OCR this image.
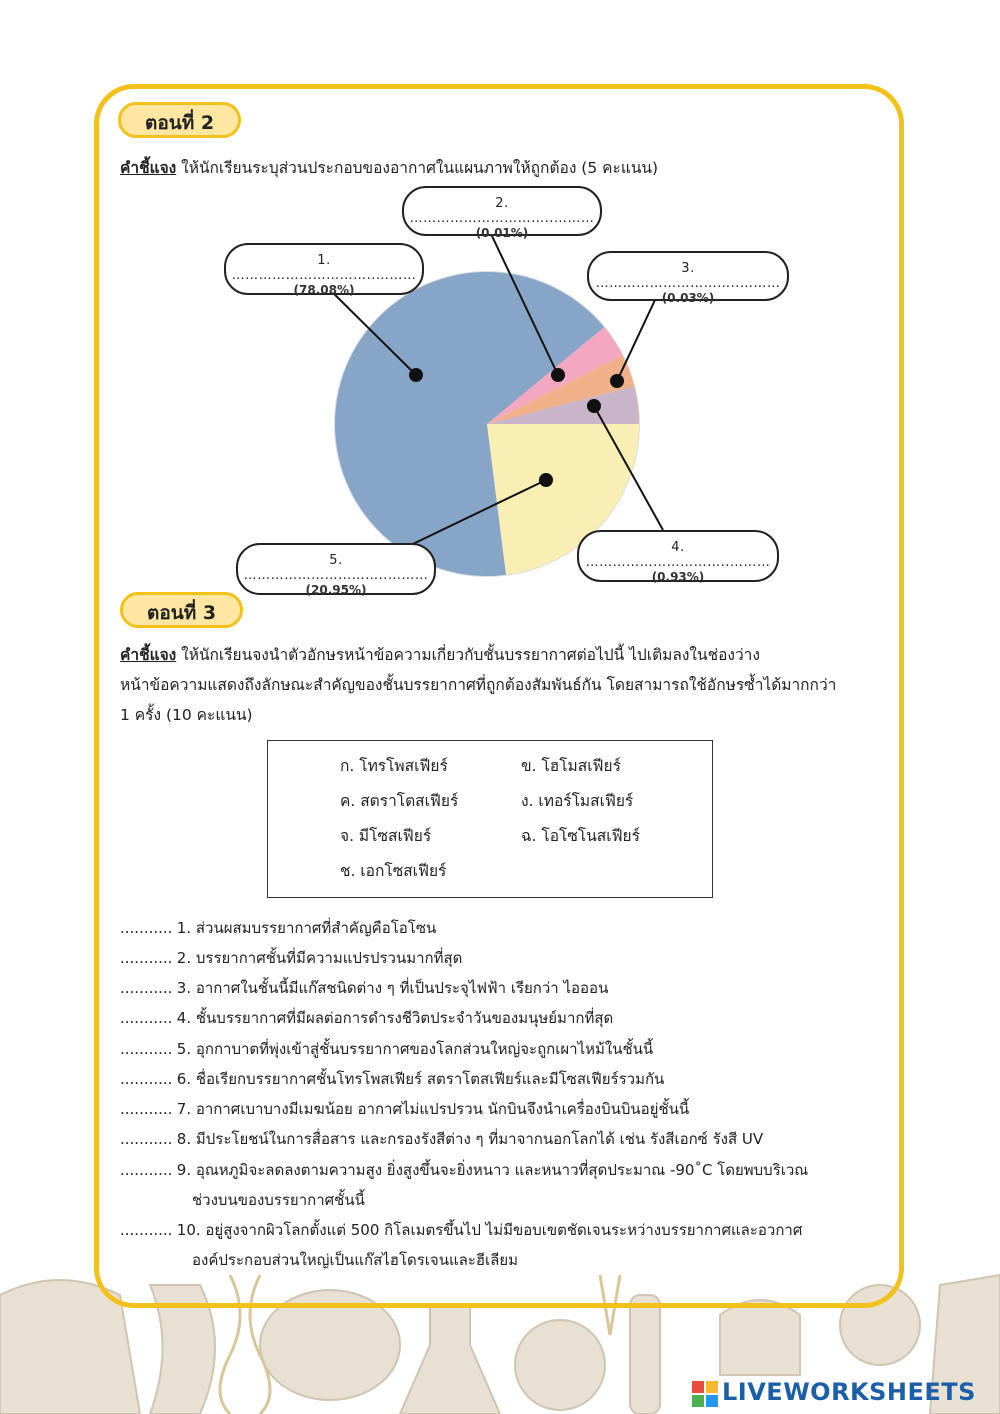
ตอนที่ 2
คำชี้แจง ให้นักเรียนระบุส่วนประกอบของอากาศในแผนภาพให้ถูกต้อง (5 คะแนน)
1. …………………………..………
(78.08%)
2. …………………………..………
(0.01%)
3. …………………………..………
(0.03%)
4. …………………………..………
(0.93%)
5. …………………………..………
(20.95%)
ตอนที่ 3
คำชี้แจง ให้นักเรียนจงนำตัวอักษรหน้าข้อความเกี่ยวกับชั้นบรรยากาศต่อไปนี้ ไปเติมลงในช่องว่าง
หน้าข้อความแสดงถึงลักษณะสำคัญของชั้นบรรยากาศที่ถูกต้องสัมพันธ์กัน โดยสามารถใช้อักษรซ้ำได้มากกว่า
1 ครั้ง (10 คะแนน)
ก. โทรโพสเฟียร์	ข. โฮโมสเฟียร์
ค. สตราโตสเฟียร์	ง. เทอร์โมสเฟียร์
จ. มีโซสเฟียร์	ฉ. โอโซโนสเฟียร์
ช. เอกโซสเฟียร์
........... 1. ส่วนผสมบรรยากาศที่สำคัญคือโอโซน
........... 2. บรรยากาศชั้นที่มีความแปรปรวนมากที่สุด
........... 3. อากาศในชั้นนี้มีแก๊สชนิดต่าง ๆ ที่เป็นประจุไฟฟ้า เรียกว่า ไอออน
........... 4. ชั้นบรรยากาศที่มีผลต่อการดำรงชีวิตประจำวันของมนุษย์มากที่สุด
........... 5. อุกกาบาตที่พุ่งเข้าสู่ชั้นบรรยากาศของโลกส่วนใหญ่จะถูกเผาไหม้ในชั้นนี้
........... 6. ชื่อเรียกบรรยากาศชั้นโทรโพสเฟียร์ สตราโตสเฟียร์และมีโซสเฟียร์รวมกัน
........... 7. อากาศเบาบางมีเมฆน้อย อากาศไม่แปรปรวน นักบินจึงนำเครื่องบินบินอยู่ชั้นนี้
........... 8. มีประโยชน์ในการสื่อสาร และกรองรังสีต่าง ๆ ที่มาจากนอกโลกได้ เช่น รังสีเอกซ์ รังสี UV
........... 9. อุณหภูมิจะลดลงตามความสูง ยิ่งสูงขึ้นจะยิ่งหนาว และหนาวที่สุดประมาณ -90˚C โดยพบบริเวณ
ช่วงบนของบรรยากาศชั้นนี้
........... 10. อยู่สูงจากผิวโลกตั้งแต่ 500 กิโลเมตรขึ้นไป ไม่มีขอบเขตชัดเจนระหว่างบรรยากาศและอวกาศ
องค์ประกอบส่วนใหญ่เป็นแก๊สไฮโดรเจนและฮีเลียม
LIVEWORKSHEETS
